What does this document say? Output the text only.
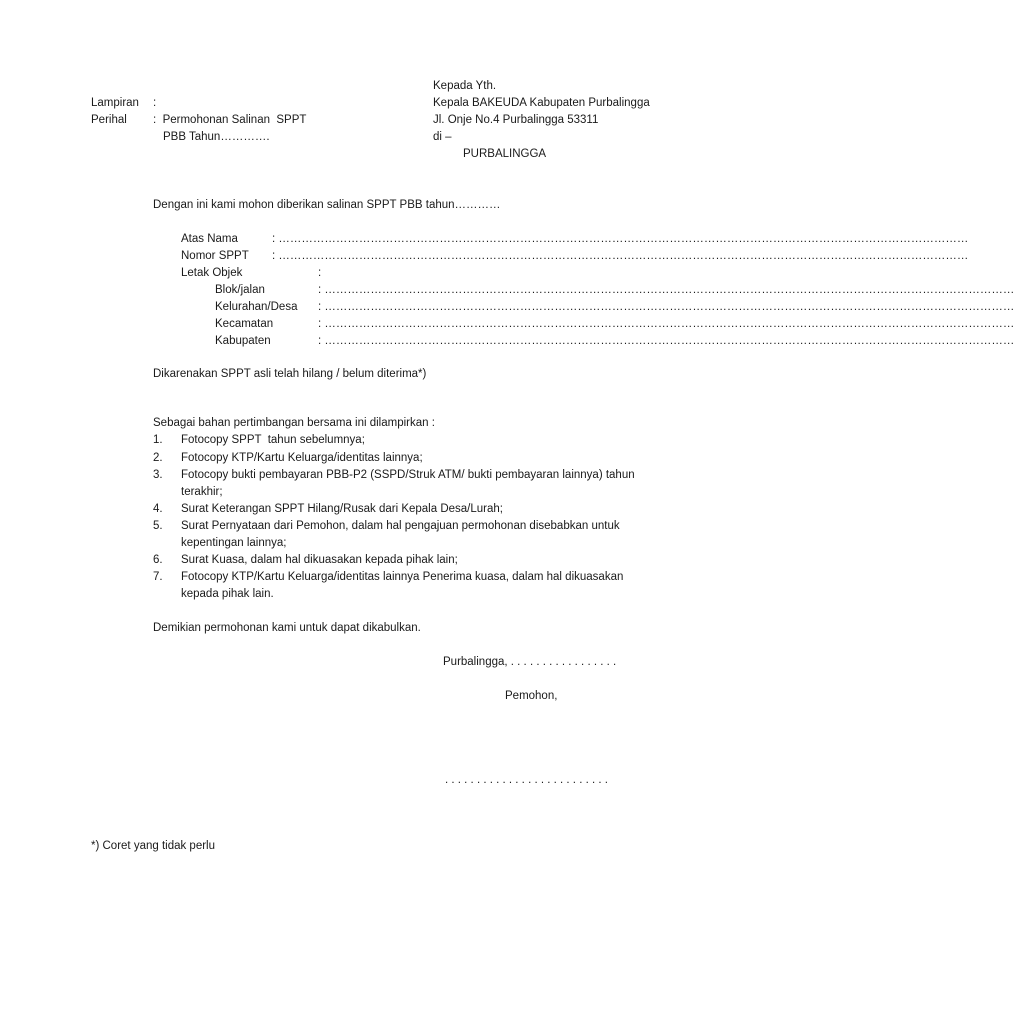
Kepada Yth.
Kepala BAKEUDA Kabupaten Purbalingga
Jl. Onje No.4 Purbalingga 53311
di –
PURBALINGGA
Lampiran :
Perihal :  Permohonan Salinan  SPPT
PBB Tahun………….
Dengan ini kami mohon diberikan salinan SPPT PBB tahun…………
Atas Nama	: ………………………………………………………………………………………………………………………………………………………………
Nomor SPPT : ………………………………………………………………………………………………………………………………………………………………
Letak Objek	:
Blok/jalan	: ………………………………………………………………………………………………………………………………………………………………
Kelurahan/Desa : ………………………………………………………………………………………………………………………………………………………………
Kecamatan	: ………………………………………………………………………………………………………………………………………………………………
Kabupaten	: ………………………………………………………………………………………………………………………………………………………………
Dikarenakan SPPT asli telah hilang / belum diterima*)
Sebagai bahan pertimbangan bersama ini dilampirkan :
1. Fotocopy SPPT  tahun sebelumnya;
2. Fotocopy KTP/Kartu Keluarga/identitas lainnya;
3. Fotocopy bukti pembayaran PBB-P2 (SSPD/Struk ATM/ bukti pembayaran lainnya) tahun
terakhir;
4. Surat Keterangan SPPT Hilang/Rusak dari Kepala Desa/Lurah;
5. Surat Pernyataan dari Pemohon, dalam hal pengajuan permohonan disebabkan untuk
kepentingan lainnya;
6. Surat Kuasa, dalam hal dikuasakan kepada pihak lain;
7. Fotocopy KTP/Kartu Keluarga/identitas lainnya Penerima kuasa, dalam hal dikuasakan
kepada pihak lain.
Demikian permohonan kami untuk dapat dikabulkan.
Purbalingga, . . . . . . . . . . . . . . . . .
Pemohon,
. . . . . . . . . . . . . . . . . . . . . . . . . .
*) Coret yang tidak perlu
